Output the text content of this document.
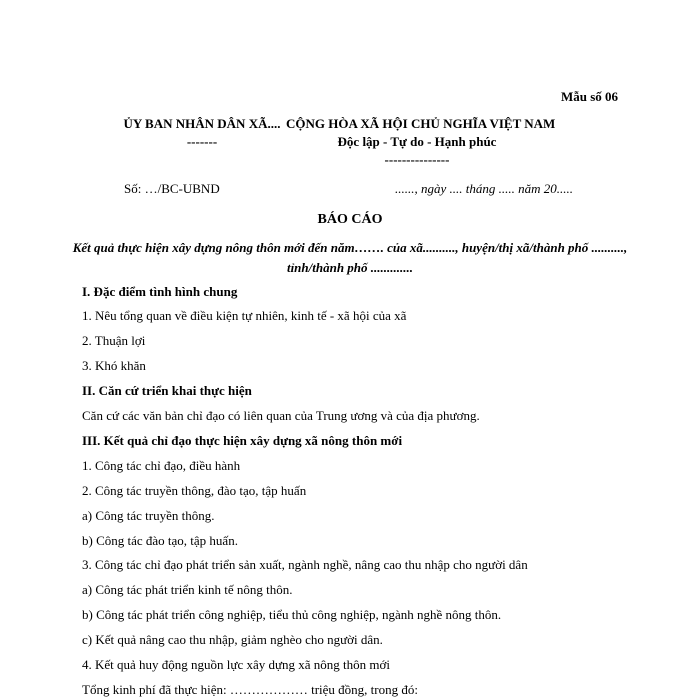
Mẫu số 06
ỦY BAN NHÂN DÂN XÃ....
-------
CỘNG HÒA XÃ HỘI CHỦ NGHĨA VIỆT NAM
Độc lập - Tự do - Hạnh phúc
---------------
Số: …/BC-UBND	......, ngày .... tháng ..... năm 20.....
BÁO CÁO
Kết quả thực hiện xây dựng nông thôn mới đến năm……. của xã.........., huyện/thị xã/thành phố .........., tỉnh/thành phố .............
I. Đặc điểm tình hình chung
1. Nêu tổng quan về điều kiện tự nhiên, kinh tế - xã hội của xã
2. Thuận lợi
3. Khó khăn
II. Căn cứ triển khai thực hiện
Căn cứ các văn bản chỉ đạo có liên quan của Trung ương và của địa phương.
III. Kết quả chỉ đạo thực hiện xây dựng xã nông thôn mới
1. Công tác chỉ đạo, điều hành
2. Công tác truyền thông, đào tạo, tập huấn
a) Công tác truyền thông.
b) Công tác đào tạo, tập huấn.
3. Công tác chỉ đạo phát triển sản xuất, ngành nghề, nâng cao thu nhập cho người dân
a) Công tác phát triển kinh tế nông thôn.
b) Công tác phát triển công nghiệp, tiểu thủ công nghiệp, ngành nghề nông thôn.
c) Kết quả nâng cao thu nhập, giảm nghèo cho người dân.
4. Kết quả huy động nguồn lực xây dựng xã nông thôn mới
Tổng kinh phí đã thực hiện: ……………… triệu đồng, trong đó:
